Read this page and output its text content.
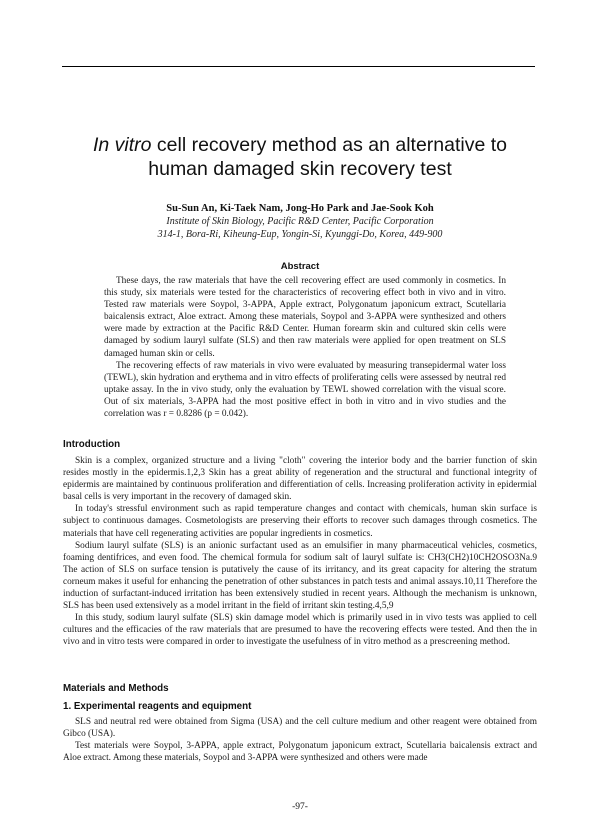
In vitro cell recovery method as an alternative to
human damaged skin recovery test
Su-Sun An, Ki-Taek Nam, Jong-Ho Park and Jae-Sook Koh
Institute of Skin Biology, Pacific R&D Center, Pacific Corporation
314-1, Bora-Ri, Kiheung-Eup, Yongin-Si, Kyunggi-Do, Korea, 449-900
Abstract

These days, the raw materials that have the cell recovering effect are used commonly in cosmetics. In this study, six materials were tested for the characteristics of recovering effect both in vivo and in vitro. Tested raw materials were Soypol, 3-APPA, Apple extract, Polygonatum japonicum extract, Scutellaria baicalensis extract, Aloe extract. Among these materials, Soypol and 3-APPA were synthesized and others were made by extraction at the Pacific R&D Center. Human forearm skin and cultured skin cells were damaged by sodium lauryl sulfate (SLS) and then raw materials were applied for open treatment on SLS damaged human skin or cells.

The recovering effects of raw materials in vivo were evaluated by measuring transepidermal water loss (TEWL), skin hydration and erythema and in vitro effects of proliferating cells were assessed by neutral red uptake assay. In the in vivo study, only the evaluation by TEWL showed correlation with the visual score. Out of six materials, 3-APPA had the most positive effect in both in vitro and in vivo studies and the correlation was r = 0.8286 (p = 0.042).

Introduction

Skin is a complex, organized structure and a living "cloth" covering the interior body and the barrier function of skin resides mostly in the epidermis.1,2,3 Skin has a great ability of regeneration and the structural and functional integrity of epidermis are maintained by continuous proliferation and differentiation of cells. Increasing proliferation activity in epidermial basal cells is very important in the recovery of damaged skin.

In today's stressful environment such as rapid temperature changes and contact with chemicals, human skin surface is subject to continuous damages. Cosmetologists are preserving their efforts to recover such damages through cosmetics. The materials that have cell regenerating activities are popular ingredients in cosmetics.

Sodium lauryl sulfate (SLS) is an anionic surfactant used as an emulsifier in many pharmaceutical vehicles, cosmetics, foaming dentifrices, and even food. The chemical formula for sodium salt of lauryl sulfate is: CH3(CH2)10CH2OSO3Na.9 The action of SLS on surface tension is putatively the cause of its irritancy, and its great capacity for altering the stratum corneum makes it useful for enhancing the penetration of other substances in patch tests and animal assays.10,11 Therefore the induction of surfactant-induced irritation has been extensively studied in recent years. Although the mechanism is unknown, SLS has been used extensively as a model irritant in the field of irritant skin testing.4,5,9

In this study, sodium lauryl sulfate (SLS) skin damage model which is primarily used in in vivo tests was applied to cell cultures and the efficacies of the raw materials that are presumed to have the recovering effects were tested. And then the in vivo and in vitro tests were compared in order to investigate the usefulness of in vitro method as a prescreening method.

Materials and Methods
1. Experimental reagents and equipment

SLS and neutral red were obtained from Sigma (USA) and the cell culture medium and other reagent were obtained from Gibco (USA).

Test materials were Soypol, 3-APPA, apple extract, Polygonatum japonicum extract, Scutellaria baicalensis extract and Aloe extract. Among these materials, Soypol and 3-APPA were synthesized and others were made

-97-
